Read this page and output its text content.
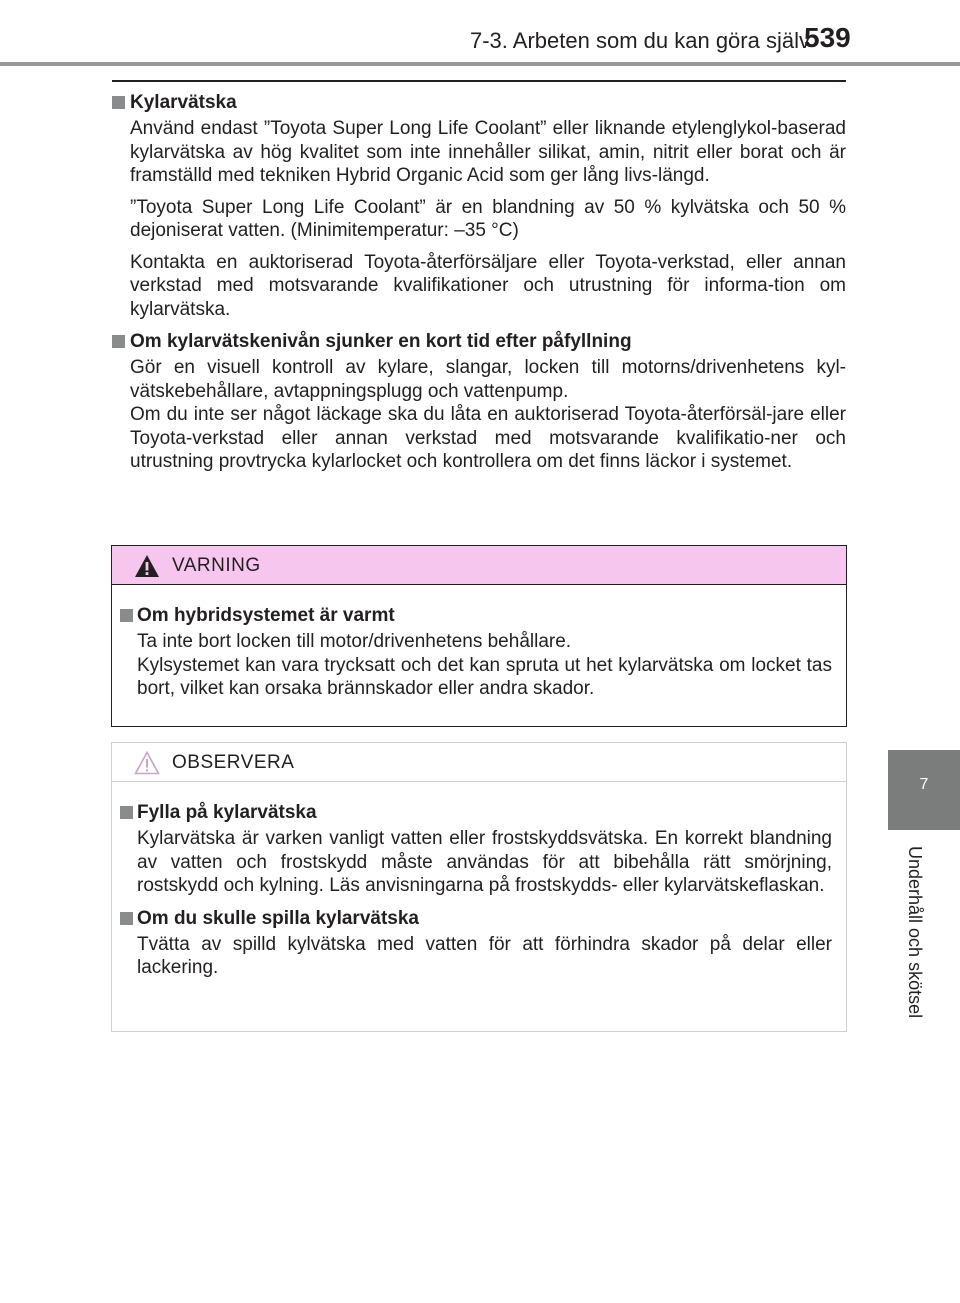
7-3. Arbeten som du kan göra själv
539
7
Underhåll och skötsel
Kylarvätska

Använd endast ”Toyota Super Long Life Coolant” eller liknande etylenglykol-baserad kylarvätska av hög kvalitet som inte innehåller silikat, amin, nitrit eller borat och är framställd med tekniken Hybrid Organic Acid som ger lång livs-längd.

”Toyota Super Long Life Coolant” är en blandning av 50 % kylvätska och 50 % dejoniserat vatten. (Minimitemperatur: –35 °C)

Kontakta en auktoriserad Toyota-återförsäljare eller Toyota-verkstad, eller annan verkstad med motsvarande kvalifikationer och utrustning för informa-tion om kylarvätska.

Om kylarvätskenivån sjunker en kort tid efter påfyllning

Gör en visuell kontroll av kylare, slangar, locken till motorns/drivenhetens kyl-vätskebehållare, avtappningsplugg och vattenpump.

Om du inte ser något läckage ska du låta en auktoriserad Toyota-återförsäl-jare eller Toyota-verkstad eller annan verkstad med motsvarande kvalifikatio-ner och utrustning provtrycka kylarlocket och kontrollera om det finns läckor i systemet.

VARNING
Om hybridsystemet är varmt

Ta inte bort locken till motor/drivenhetens behållare.

Kylsystemet kan vara trycksatt och det kan spruta ut het kylarvätska om locket tas bort, vilket kan orsaka brännskador eller andra skador.

OBSERVERA
Fylla på kylarvätska

Kylarvätska är varken vanligt vatten eller frostskyddsvätska. En korrekt blandning av vatten och frostskydd måste användas för att bibehålla rätt smörjning, rostskydd och kylning. Läs anvisningarna på frostskydds- eller kylarvätskeflaskan.

Om du skulle spilla kylarvätska

Tvätta av spilld kylvätska med vatten för att förhindra skador på delar eller lackering.
